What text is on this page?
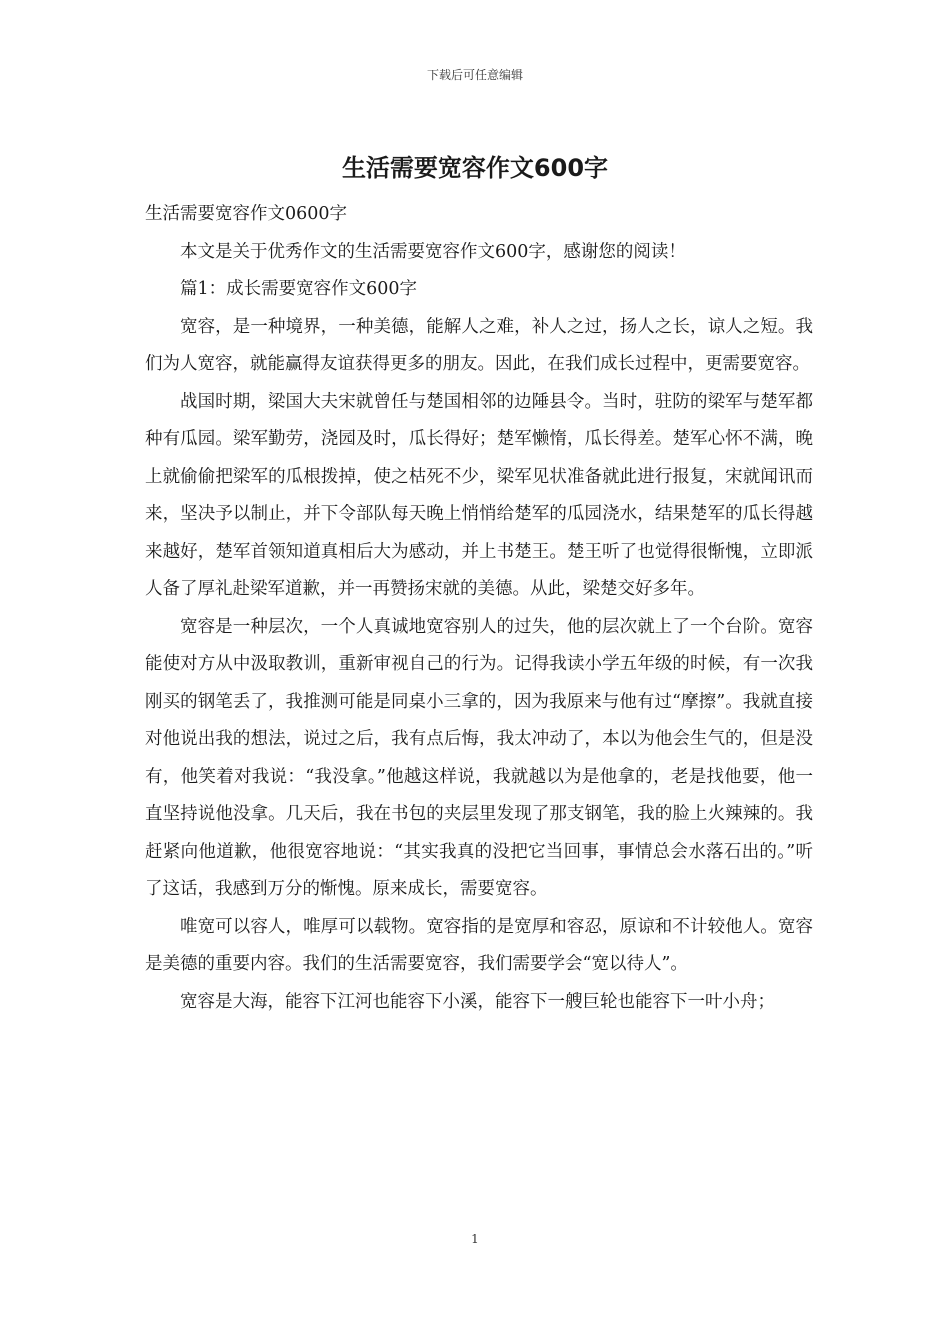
下载后可任意编辑
生活需要宽容作文600字

生活需要宽容作文0600字

本文是关于优秀作文的生活需要宽容作文600字，感谢您的阅读！

篇1：成长需要宽容作文600字

宽容，是一种境界，一种美德，能解人之难，补人之过，扬人之长，谅人之短。我们为人宽容，就能赢得友谊获得更多的朋友。因此，在我们成长过程中，更需要宽容。

战国时期，梁国大夫宋就曾任与楚国相邻的边陲县令。当时，驻防的梁军与楚军都种有瓜园。梁军勤劳，浇园及时，瓜长得好；楚军懒惰，瓜长得差。楚军心怀不满，晚上就偷偷把梁军的瓜根拨掉，使之枯死不少，梁军见状准备就此进行报复，宋就闻讯而来，坚决予以制止，并下令部队每天晚上悄悄给楚军的瓜园浇水，结果楚军的瓜长得越来越好，楚军首领知道真相后大为感动，并上书楚王。楚王听了也觉得很惭愧，立即派人备了厚礼赴梁军道歉，并一再赞扬宋就的美德。从此，梁楚交好多年。

宽容是一种层次，一个人真诚地宽容别人的过失，他的层次就上了一个台阶。宽容能使对方从中汲取教训，重新审视自己的行为。记得我读小学五年级的时候，有一次我刚买的钢笔丢了，我推测可能是同桌小三拿的，因为我原来与他有过“摩擦”。我就直接对他说出我的想法，说过之后，我有点后悔，我太冲动了，本以为他会生气的，但是没有，他笑着对我说：“我没拿。”他越这样说，我就越以为是他拿的，老是找他要，他一直坚持说他没拿。几天后，我在书包的夹层里发现了那支钢笔，我的脸上火辣辣的。我赶紧向他道歉，他很宽容地说：“其实我真的没把它当回事，事情总会水落石出的。”听了这话，我感到万分的惭愧。原来成长，需要宽容。

唯宽可以容人，唯厚可以载物。宽容指的是宽厚和容忍，原谅和不计较他人。宽容是美德的重要内容。我们的生活需要宽容，我们需要学会“宽以待人”。

宽容是大海，能容下江河也能容下小溪，能容下一艘巨轮也能容下一叶小舟；

1
